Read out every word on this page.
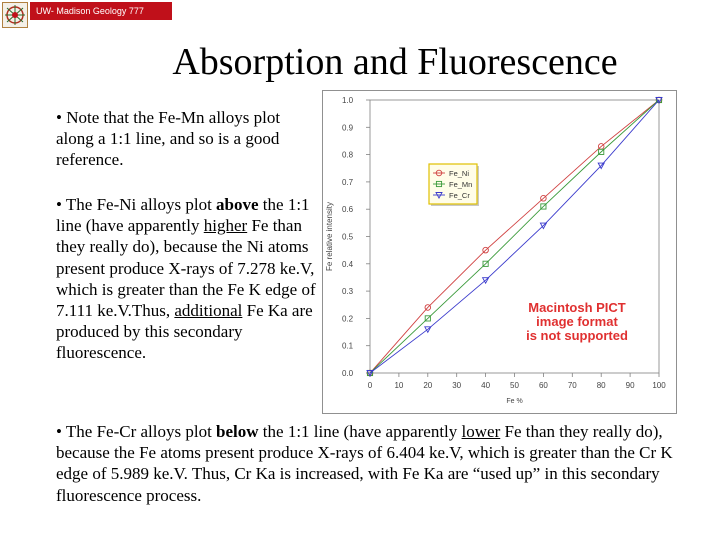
UW- Madison Geology 777
Absorption and Fluorescence

• Note that the Fe-Mn alloys plot along a 1:1 line, and so is a good reference.

• The Fe-Ni alloys plot above the 1:1 line (have apparently higher Fe than they really do), because the Ni atoms present produce X-rays of 7.278 ke.V, which is greater than the Fe K edge of 7.111 ke.V.Thus, additional Fe Ka are produced by this secondary fluorescence.

• The Fe-Cr alloys plot below the 1:1 line (have apparently lower Fe than they really do), because the Fe atoms present produce X-rays of 6.404 ke.V, which is greater than the Cr K edge of 5.989 ke.V. Thus, Cr Ka is increased, with Fe Ka are “used up” in this secondary fluorescence process.

0	10 20 30 40 50 60 70 80 90 100
0.0
0.1
0.2
0.3
0.4
0.5
0.6
0.7
0.8
0.9
1.0
Fe %
Fe relative intensity
Fe_Ni
Fe_Mn
Fe_Cr
Macintosh PICT
image format
is not supported
